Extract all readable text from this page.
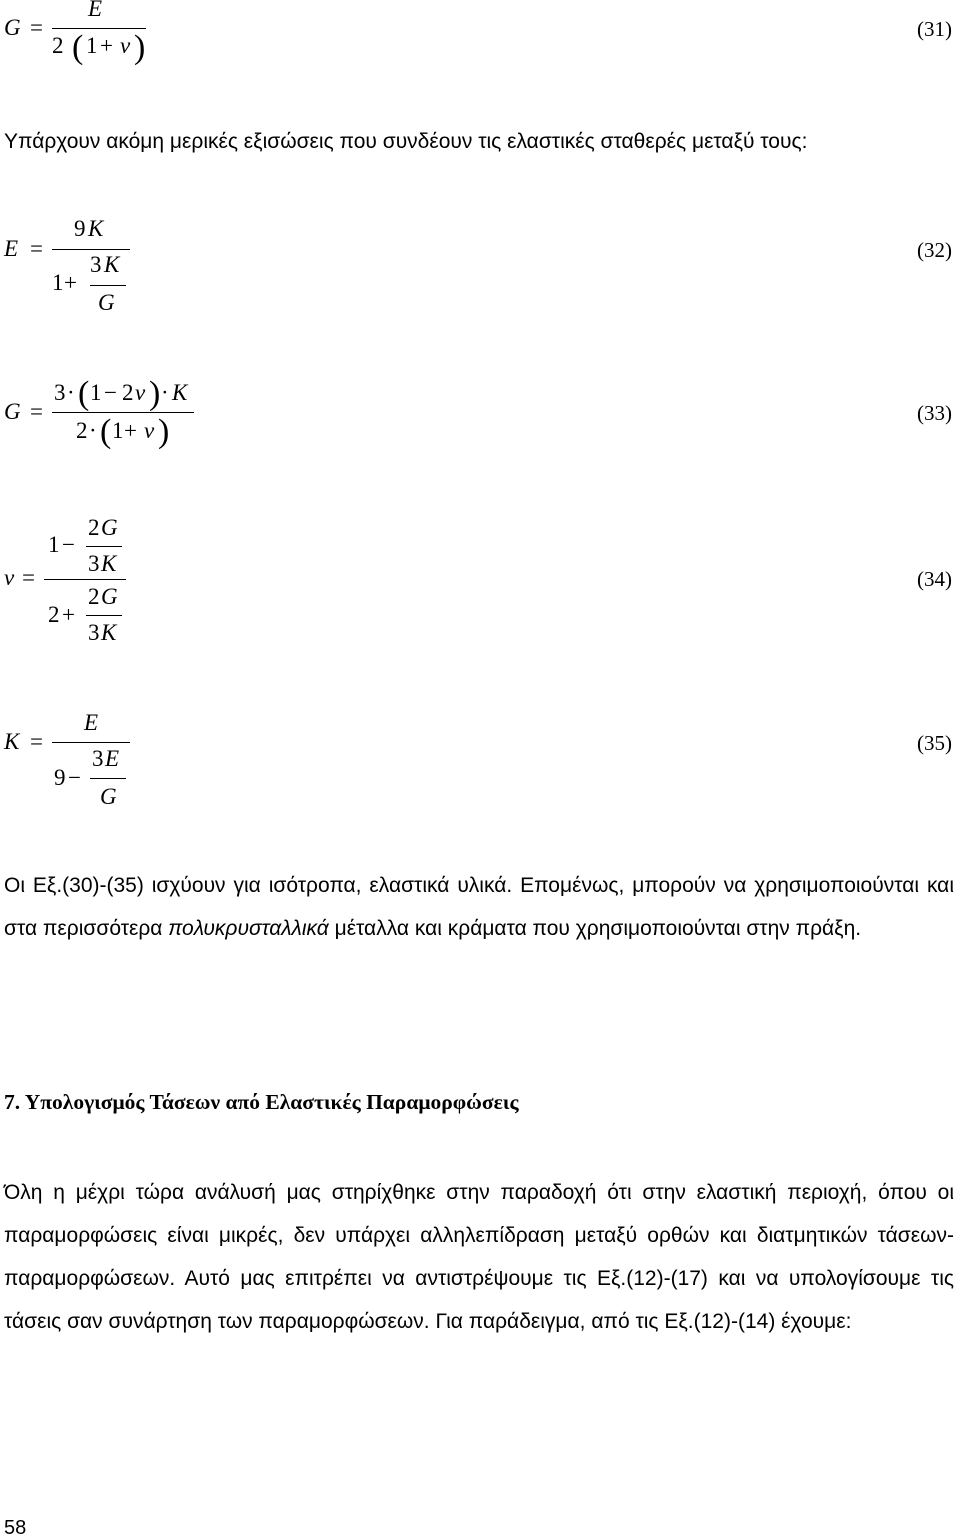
G =
E
2 ( 1 + ν )	(31)
Υπάρχουν ακόμη μερικές εξισώσεις που συνδέουν τις ελαστικές σταθερές μεταξύ τους:
E =
9 K
1 +
3 K
G
(32)
G =
3 · ( 1 − 2 ν ) · K
2 · ( 1 + ν )	(33)
ν =
1 −
2 G
3 K
2 +
2 G
3 K
(34)
K =
E
9 −
3 E
G
(35)
Οι Εξ.(30)-(35) ισχύουν για ισότροπα, ελαστικά υλικά. Επομένως, μπορούν να χρησιμοποιούνται και στα περισσότερα πολυκρυσταλλικά μέταλλα και κράματα που χρησιμοποιούνται στην πράξη.
7. Υπολογισμός Τάσεων από Ελαστικές Παραμορφώσεις
Όλη η μέχρι τώρα ανάλυσή μας στηρίχθηκε στην παραδοχή ότι στην ελαστική περιοχή, όπου οι παραμορφώσεις είναι μικρές, δεν υπάρχει αλληλεπίδραση μεταξύ ορθών και διατμητικών τάσεων-παραμορφώσεων. Αυτό μας επιτρέπει να αντιστρέψουμε τις Εξ.(12)-(17) και να υπολογίσουμε τις τάσεις σαν συνάρτηση των παραμορφώσεων. Για παράδειγμα, από τις Εξ.(12)-(14) έχουμε:
58
